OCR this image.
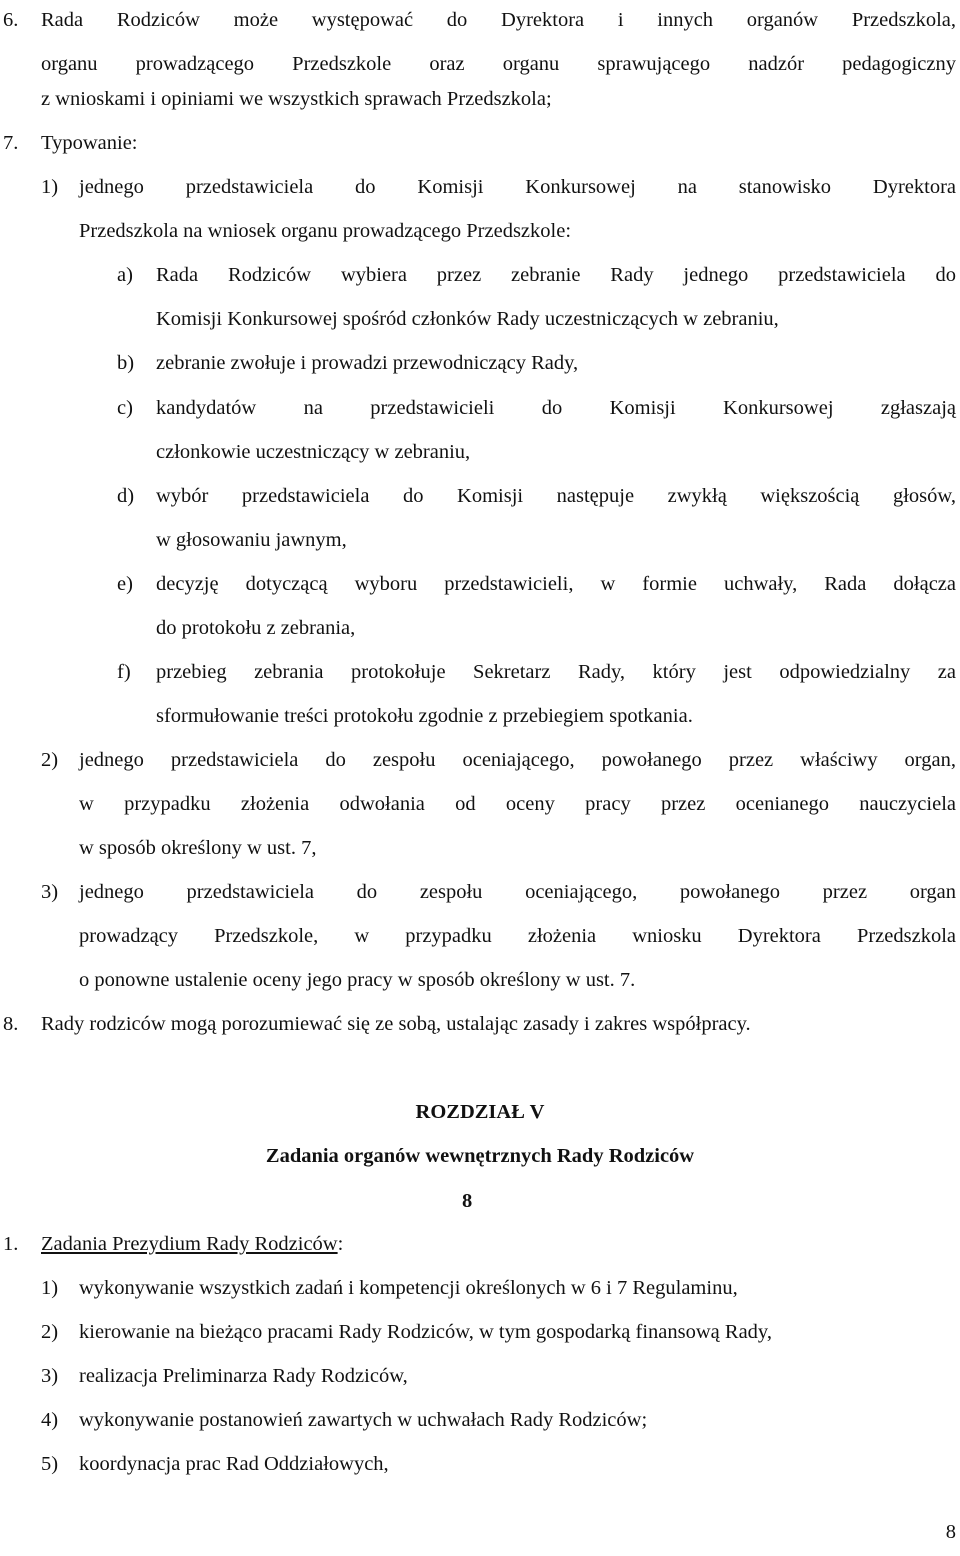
6. Rada Rodziców może występować do Dyrektora i innych organów Przedszkola,
organu prowadzącego Przedszkole oraz organu sprawującego nadzór pedagogiczny
z wnioskami i opiniami we wszystkich sprawach Przedszkola;
7. Typowanie:
1) jednego przedstawiciela do Komisji Konkursowej na stanowisko Dyrektora
Przedszkola na wniosek organu prowadzącego Przedszkole:
a) Rada Rodziców wybiera przez zebranie Rady jednego przedstawiciela do
Komisji Konkursowej spośród członków Rady uczestniczących w zebraniu,
b) zebranie zwołuje i prowadzi przewodniczący Rady,
c) kandydatów na przedstawicieli do Komisji Konkursowej zgłaszają
członkowie uczestniczący w zebraniu,
d) wybór przedstawiciela do Komisji następuje zwykłą większością głosów,
w głosowaniu jawnym,
e) decyzję dotyczącą wyboru przedstawicieli, w formie uchwały, Rada dołącza
do protokołu z zebrania,
f) przebieg zebrania protokołuje Sekretarz Rady, który jest odpowiedzialny za
sformułowanie treści protokołu zgodnie z przebiegiem spotkania.
2) jednego przedstawiciela do zespołu oceniającego, powołanego przez właściwy organ,
w przypadku złożenia odwołania od oceny pracy przez ocenianego nauczyciela
w sposób określony w ust. 7,
3) jednego przedstawiciela do zespołu oceniającego, powołanego przez organ
prowadzący Przedszkole, w przypadku złożenia wniosku Dyrektora Przedszkola
o ponowne ustalenie oceny jego pracy w sposób określony w ust. 7.
8. Rady rodziców mogą porozumiewać się ze sobą, ustalając zasady i zakres współpracy.
ROZDZIAŁ V
Zadania organów wewnętrznych Rady Rodziców
8
1. Zadania Prezydium Rady Rodziców:
1) wykonywanie wszystkich zadań i kompetencji określonych w 6 i 7 Regulaminu,
2) kierowanie na bieżąco pracami Rady Rodziców, w tym gospodarką finansową Rady,
3) realizacja Preliminarza Rady Rodziców,
4) wykonywanie postanowień zawartych w uchwałach Rady Rodziców;
5) koordynacja prac Rad Oddziałowych,
8
